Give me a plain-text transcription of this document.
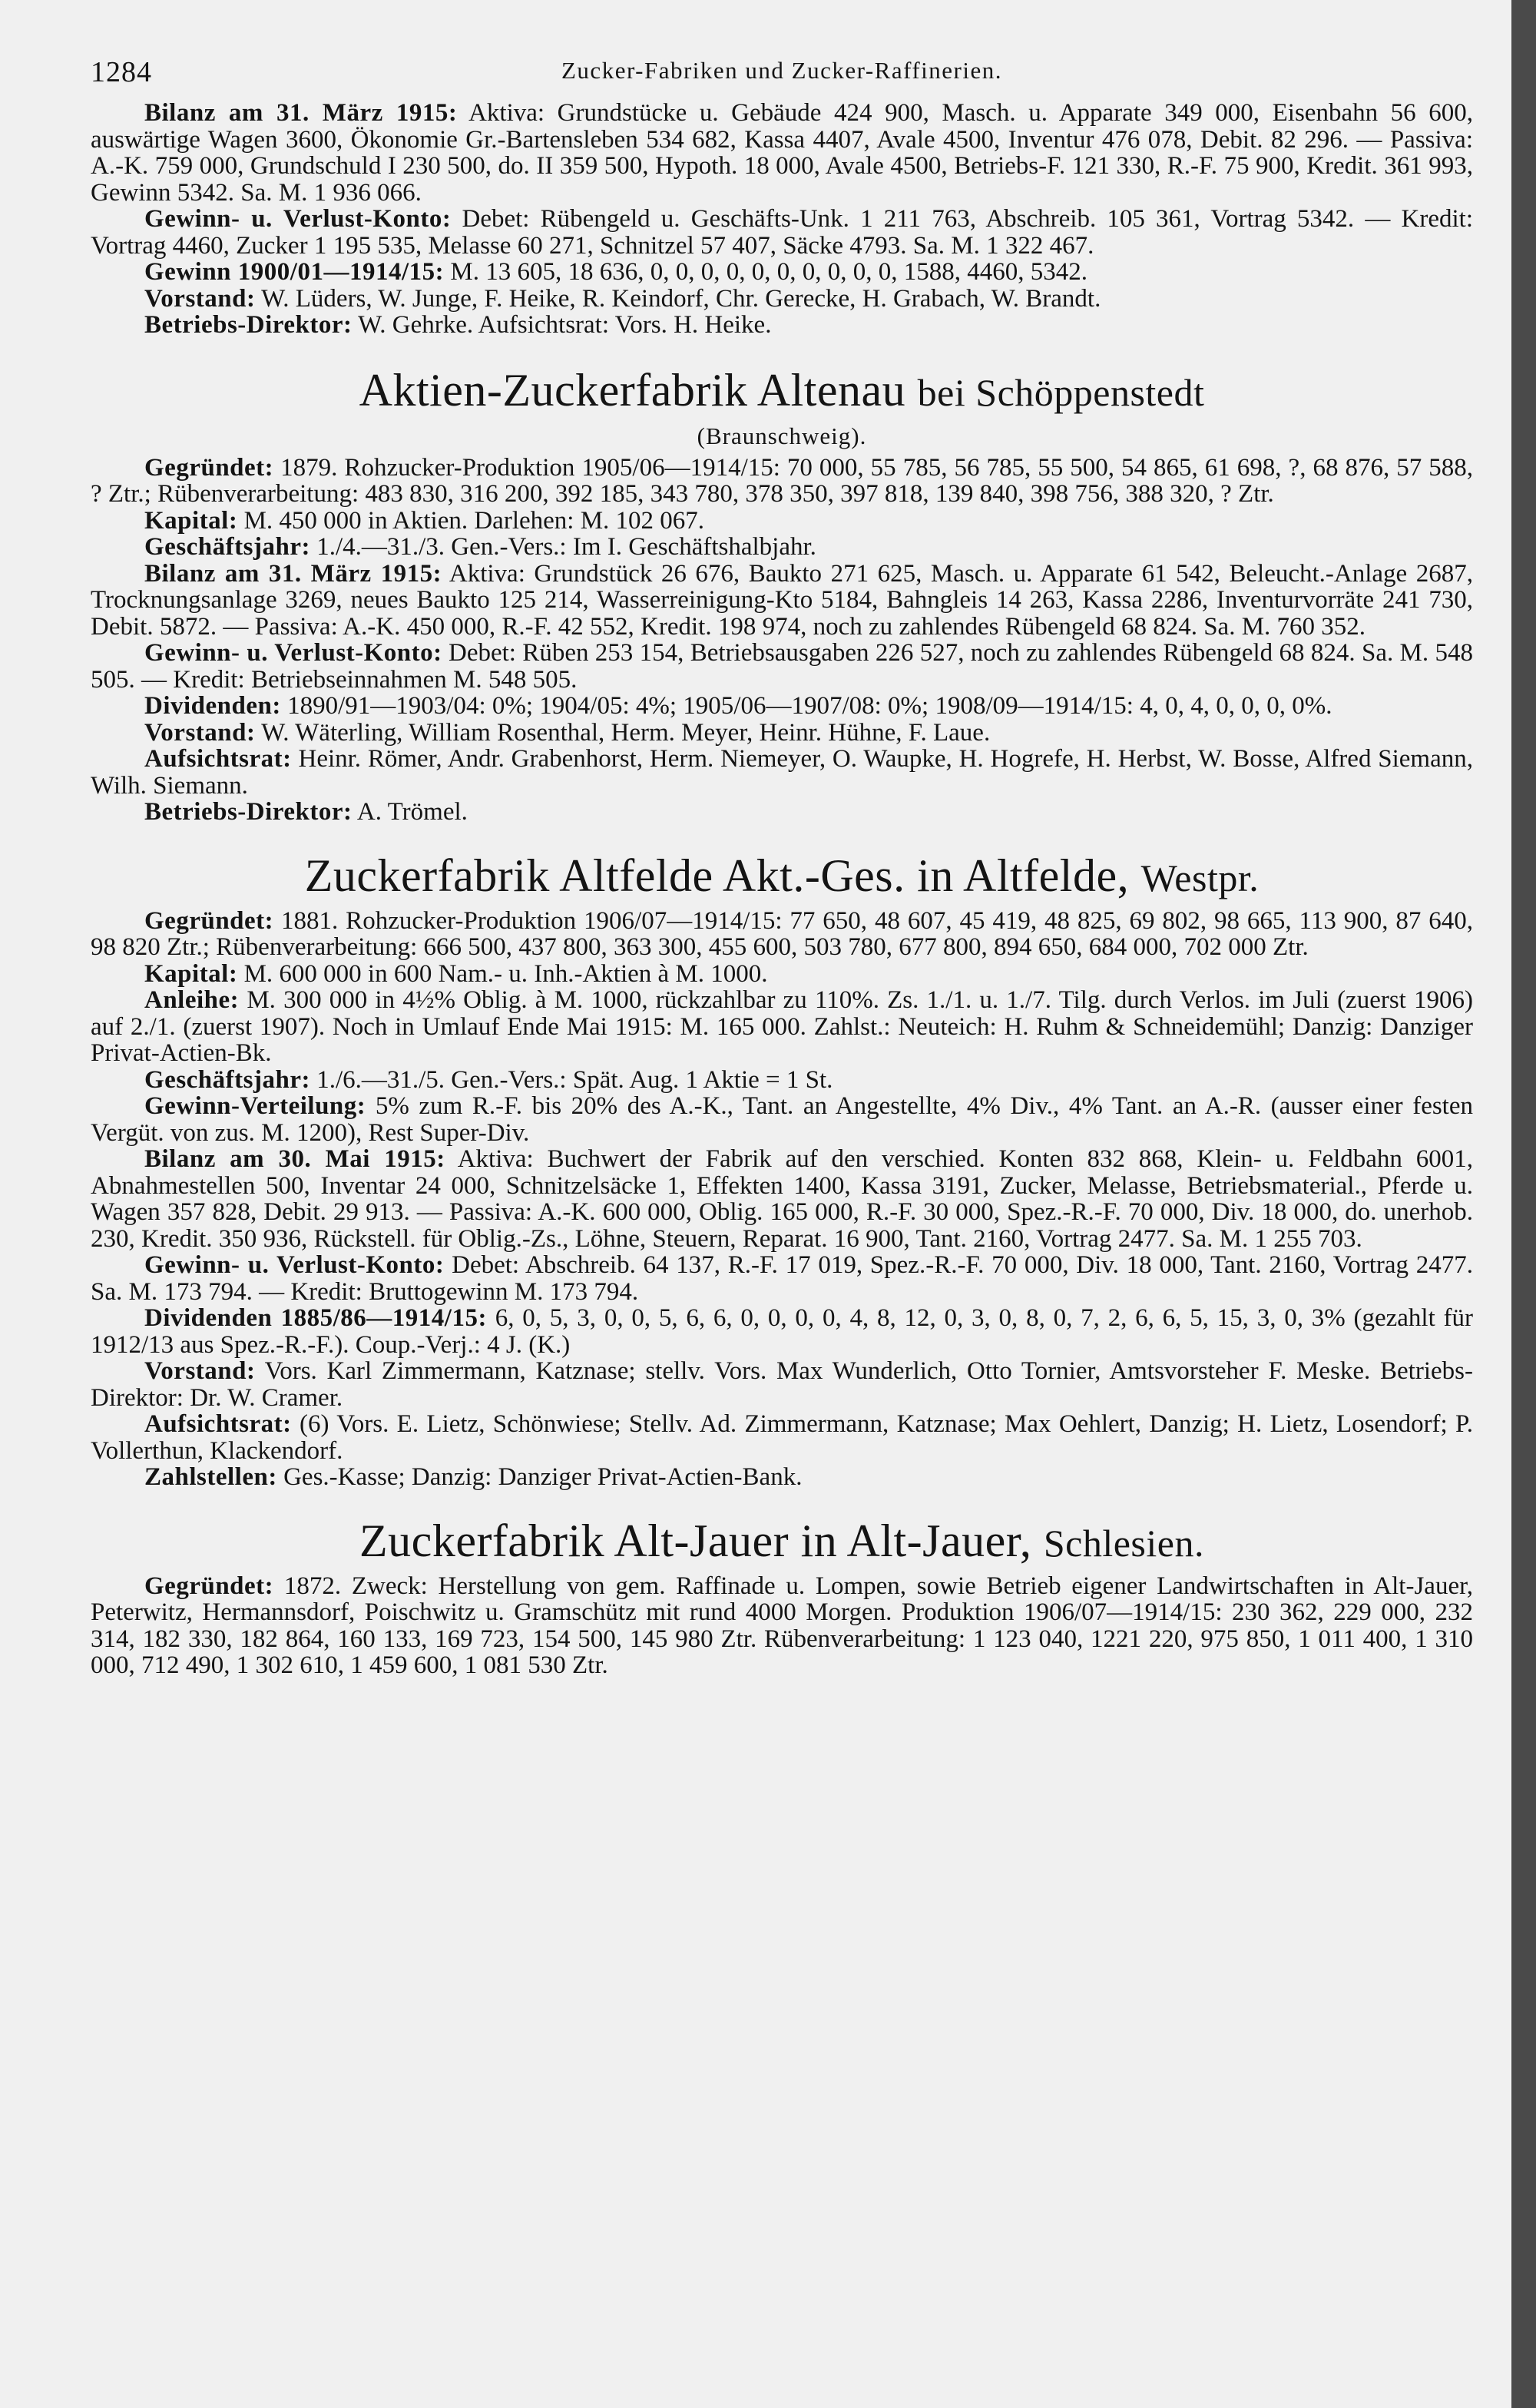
1284	Zucker-Fabriken und Zucker-Raffinerien.

Bilanz am 31. März 1915: Aktiva: Grundstücke u. Gebäude 424 900, Masch. u. Apparate 349 000, Eisenbahn 56 600, auswärtige Wagen 3600, Ökonomie Gr.-Bartensleben 534 682, Kassa 4407, Avale 4500, Inventur 476 078, Debit. 82 296. — Passiva: A.-K. 759 000, Grundschuld I 230 500, do. II 359 500, Hypoth. 18 000, Avale 4500, Betriebs-F. 121 330, R.-F. 75 900, Kredit. 361 993, Gewinn 5342. Sa. M. 1 936 066.

Gewinn- u. Verlust-Konto: Debet: Rübengeld u. Geschäfts-Unk. 1 211 763, Abschreib. 105 361, Vortrag 5342. — Kredit: Vortrag 4460, Zucker 1 195 535, Melasse 60 271, Schnitzel 57 407, Säcke 4793. Sa. M. 1 322 467.

Gewinn 1900/01—1914/15: M. 13 605, 18 636, 0, 0, 0, 0, 0, 0, 0, 0, 0, 0, 1588, 4460, 5342.

Vorstand: W. Lüders, W. Junge, F. Heike, R. Keindorf, Chr. Gerecke, H. Grabach, W. Brandt.

Betriebs-Direktor: W. Gehrke. Aufsichtsrat: Vors. H. Heike.

Aktien-Zuckerfabrik Altenau bei Schöppenstedt
(Braunschweig).

Gegründet: 1879. Rohzucker-Produktion 1905/06—1914/15: 70 000, 55 785, 56 785, 55 500, 54 865, 61 698, ?, 68 876, 57 588, ? Ztr.; Rübenverarbeitung: 483 830, 316 200, 392 185, 343 780, 378 350, 397 818, 139 840, 398 756, 388 320, ? Ztr.

Kapital: M. 450 000 in Aktien. Darlehen: M. 102 067.

Geschäftsjahr: 1./4.—31./3. Gen.-Vers.: Im I. Geschäftshalbjahr.

Bilanz am 31. März 1915: Aktiva: Grundstück 26 676, Baukto 271 625, Masch. u. Apparate 61 542, Beleucht.-Anlage 2687, Trocknungsanlage 3269, neues Baukto 125 214, Wasserreinigung-Kto 5184, Bahngleis 14 263, Kassa 2286, Inventurvorräte 241 730, Debit. 5872. — Passiva: A.-K. 450 000, R.-F. 42 552, Kredit. 198 974, noch zu zahlendes Rübengeld 68 824. Sa. M. 760 352.

Gewinn- u. Verlust-Konto: Debet: Rüben 253 154, Betriebsausgaben 226 527, noch zu zahlendes Rübengeld 68 824. Sa. M. 548 505. — Kredit: Betriebseinnahmen M. 548 505.

Dividenden: 1890/91—1903/04: 0%; 1904/05: 4%; 1905/06—1907/08: 0%; 1908/09—1914/15: 4, 0, 4, 0, 0, 0, 0%.

Vorstand: W. Wäterling, William Rosenthal, Herm. Meyer, Heinr. Hühne, F. Laue.

Aufsichtsrat: Heinr. Römer, Andr. Grabenhorst, Herm. Niemeyer, O. Waupke, H. Hogrefe, H. Herbst, W. Bosse, Alfred Siemann, Wilh. Siemann.

Betriebs-Direktor: A. Trömel.

Zuckerfabrik Altfelde Akt.-Ges. in Altfelde, Westpr.

Gegründet: 1881. Rohzucker-Produktion 1906/07—1914/15: 77 650, 48 607, 45 419, 48 825, 69 802, 98 665, 113 900, 87 640, 98 820 Ztr.; Rübenverarbeitung: 666 500, 437 800, 363 300, 455 600, 503 780, 677 800, 894 650, 684 000, 702 000 Ztr.

Kapital: M. 600 000 in 600 Nam.- u. Inh.-Aktien à M. 1000.

Anleihe: M. 300 000 in 4½% Oblig. à M. 1000, rückzahlbar zu 110%. Zs. 1./1. u. 1./7. Tilg. durch Verlos. im Juli (zuerst 1906) auf 2./1. (zuerst 1907). Noch in Umlauf Ende Mai 1915: M. 165 000. Zahlst.: Neuteich: H. Ruhm & Schneidemühl; Danzig: Danziger Privat-Actien-Bk.

Geschäftsjahr: 1./6.—31./5. Gen.-Vers.: Spät. Aug. 1 Aktie = 1 St.

Gewinn-Verteilung: 5% zum R.-F. bis 20% des A.-K., Tant. an Angestellte, 4% Div., 4% Tant. an A.-R. (ausser einer festen Vergüt. von zus. M. 1200), Rest Super-Div.

Bilanz am 30. Mai 1915: Aktiva: Buchwert der Fabrik auf den verschied. Konten 832 868, Klein- u. Feldbahn 6001, Abnahmestellen 500, Inventar 24 000, Schnitzelsäcke 1, Effekten 1400, Kassa 3191, Zucker, Melasse, Betriebsmaterial., Pferde u. Wagen 357 828, Debit. 29 913. — Passiva: A.-K. 600 000, Oblig. 165 000, R.-F. 30 000, Spez.-R.-F. 70 000, Div. 18 000, do. unerhob. 230, Kredit. 350 936, Rückstell. für Oblig.-Zs., Löhne, Steuern, Reparat. 16 900, Tant. 2160, Vortrag 2477. Sa. M. 1 255 703.

Gewinn- u. Verlust-Konto: Debet: Abschreib. 64 137, R.-F. 17 019, Spez.-R.-F. 70 000, Div. 18 000, Tant. 2160, Vortrag 2477. Sa. M. 173 794. — Kredit: Bruttogewinn M. 173 794.

Dividenden 1885/86—1914/15: 6, 0, 5, 3, 0, 0, 5, 6, 6, 0, 0, 0, 0, 4, 8, 12, 0, 3, 0, 8, 0, 7, 2, 6, 6, 5, 15, 3, 0, 3% (gezahlt für 1912/13 aus Spez.-R.-F.). Coup.-Verj.: 4 J. (K.)

Vorstand: Vors. Karl Zimmermann, Katznase; stellv. Vors. Max Wunderlich, Otto Tornier, Amtsvorsteher F. Meske. Betriebs-Direktor: Dr. W. Cramer.

Aufsichtsrat: (6) Vors. E. Lietz, Schönwiese; Stellv. Ad. Zimmermann, Katznase; Max Oehlert, Danzig; H. Lietz, Losendorf; P. Vollerthun, Klackendorf.

Zahlstellen: Ges.-Kasse; Danzig: Danziger Privat-Actien-Bank.

Zuckerfabrik Alt-Jauer in Alt-Jauer, Schlesien.

Gegründet: 1872. Zweck: Herstellung von gem. Raffinade u. Lompen, sowie Betrieb eigener Landwirtschaften in Alt-Jauer, Peterwitz, Hermannsdorf, Poischwitz u. Gramschütz mit rund 4000 Morgen. Produktion 1906/07—1914/15: 230 362, 229 000, 232 314, 182 330, 182 864, 160 133, 169 723, 154 500, 145 980 Ztr. Rübenverarbeitung: 1 123 040, 1221 220, 975 850, 1 011 400, 1 310 000, 712 490, 1 302 610, 1 459 600, 1 081 530 Ztr.
